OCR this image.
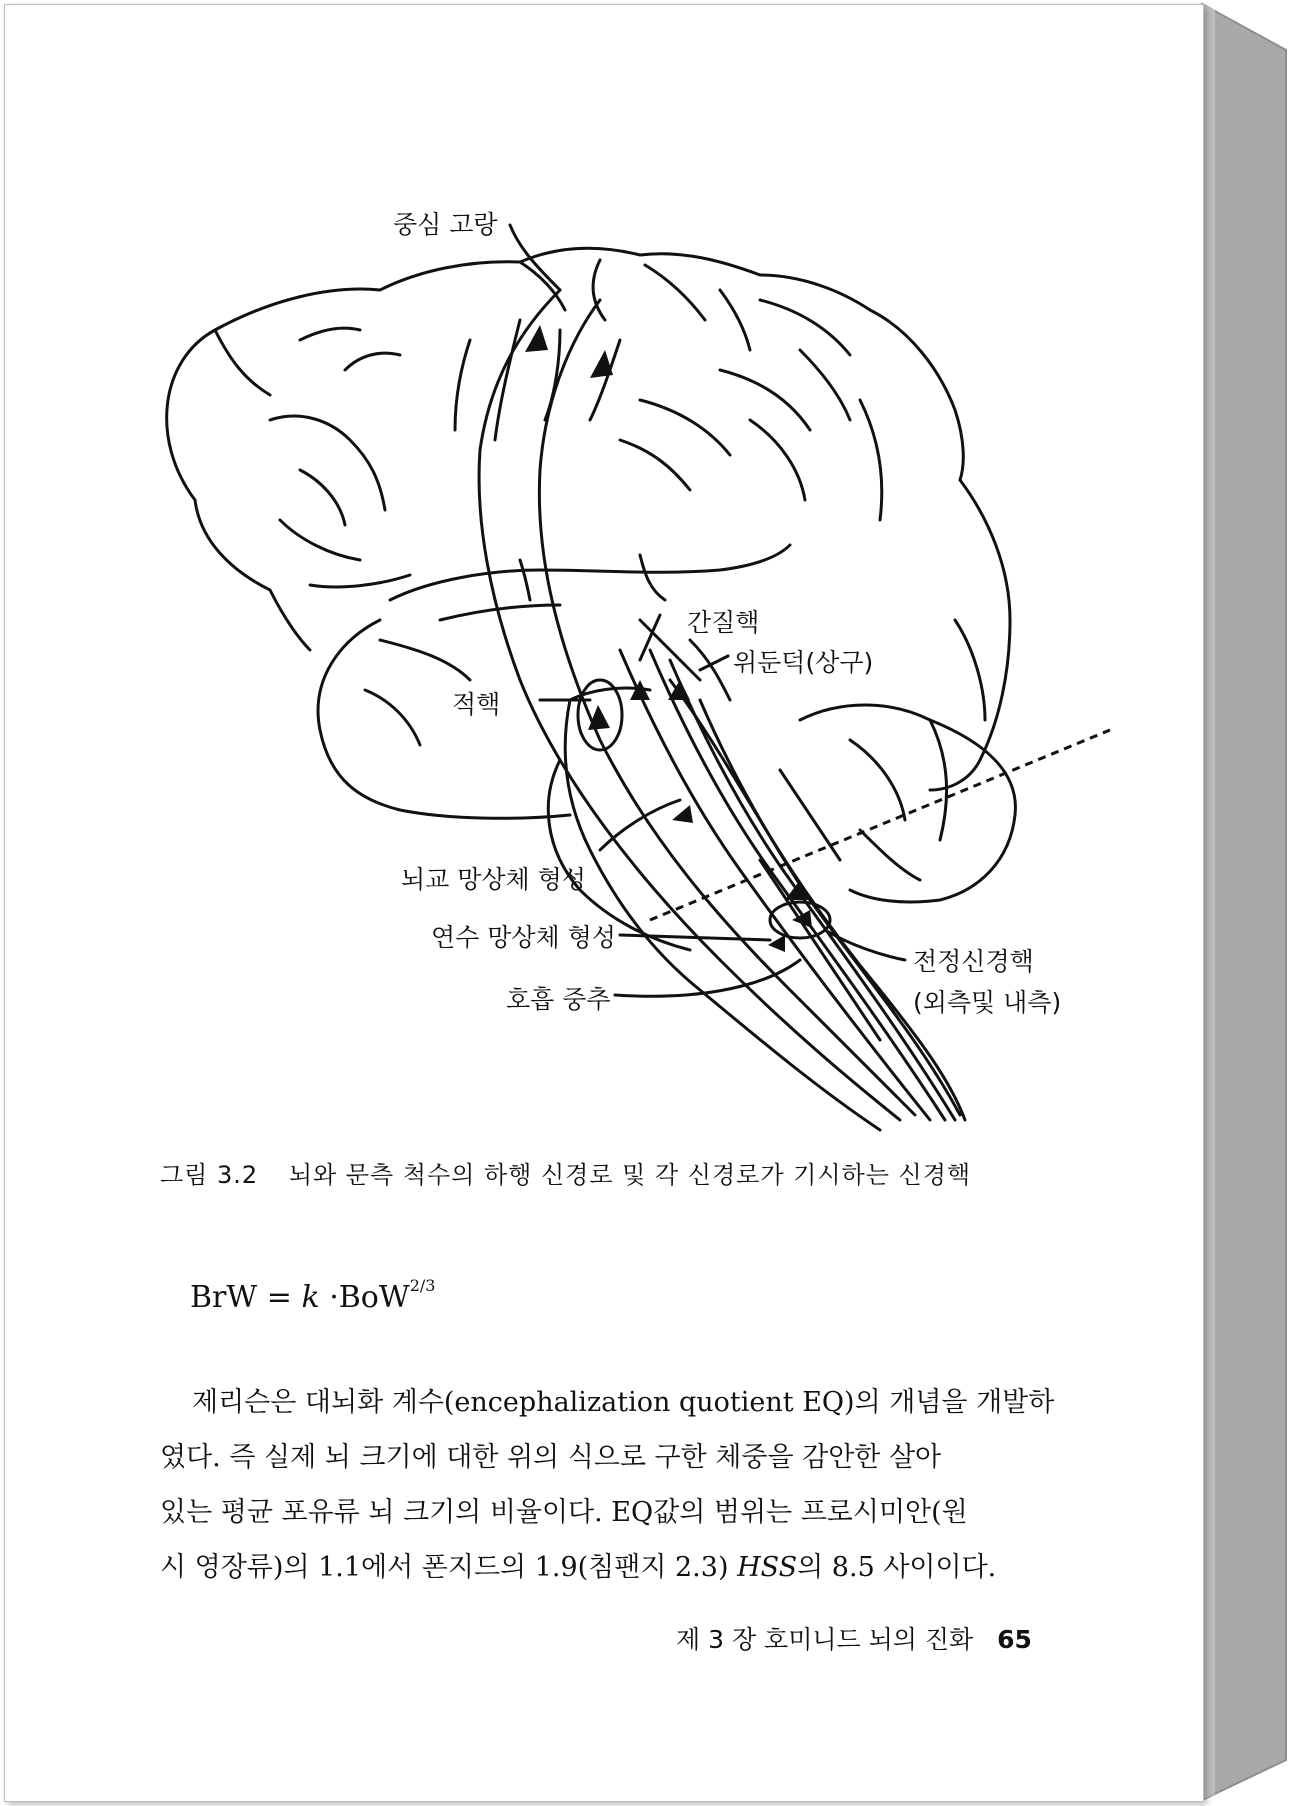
중심 고랑
간질핵
위둔덕(상구)
적핵
뇌교 망상체 형성
연수 망상체 형성
호흡 중추
전정신경핵
(외측및 내측)
그림 3.2 뇌와 문측 척수의 하행 신경로 및 각 신경로가 기시하는 신경핵
BrW = k ·BoW$^{2/3}$
제리슨은 대뇌화 계수(encephalization quotient EQ)의 개념을 개발하
였다. 즉 실제 뇌 크기에 대한 위의 식으로 구한 체중을 감안한 살아
있는 평균 포유류 뇌 크기의 비율이다. EQ값의 범위는 프로시미안(원
시 영장류)의 1.1에서 폰지드의 1.9(침팬지 2.3) HSS의 8.5 사이이다.
제 3 장 호미니드 뇌의 진화 65
